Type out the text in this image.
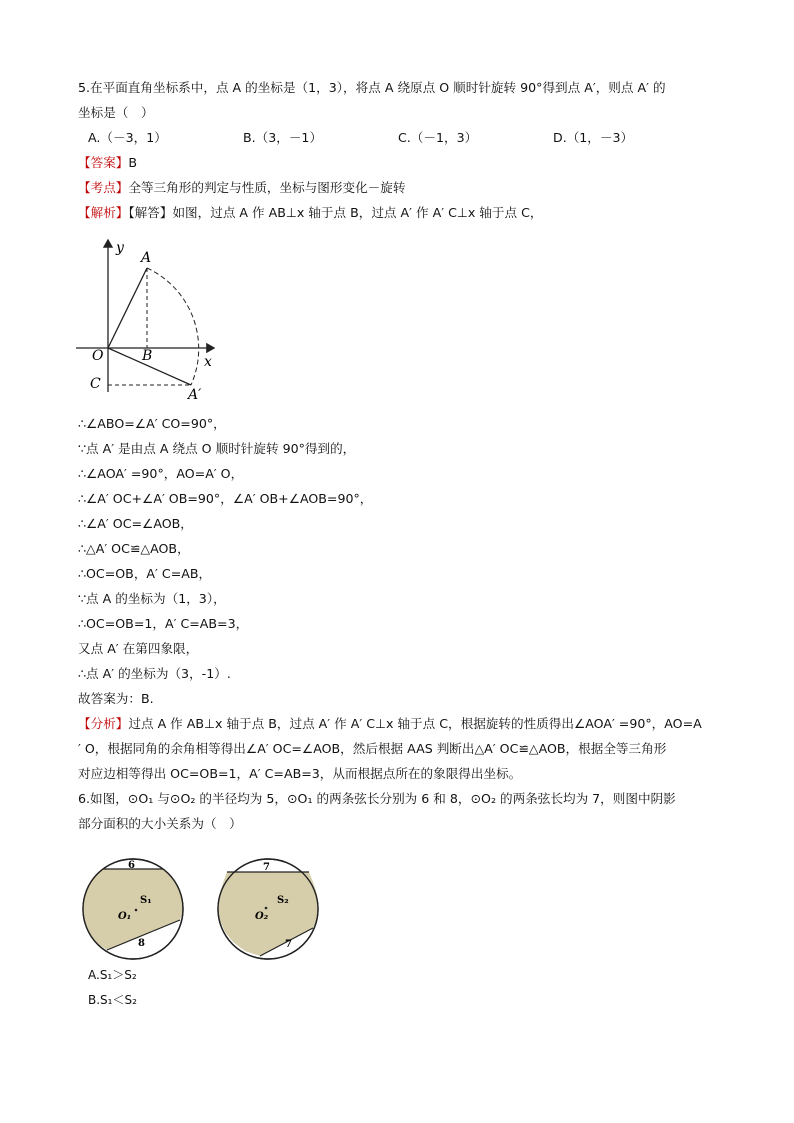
5.在平面直角坐标系中，点 A 的坐标是（1，3），将点 A 绕原点 O 顺时针旋转 90°得到点 A′，则点 A′ 的
坐标是（　）
A.（－3，1）	B.（3，－1）	C.（－1，3）	D.（1，－3）
【答案】B
【考点】全等三角形的判定与性质，坐标与图形变化－旋转
【解析】【解答】如图，过点 A 作 AB⊥x 轴于点 B，过点 A′ 作 A′ C⊥x 轴于点 C，
y
A
O	B	x
C
A′
∴∠ABO=∠A′ CO=90°，
∵点 A′ 是由点 A 绕点 O 顺时针旋转 90°得到的，
∴∠AOA′ =90°，AO=A′ O，
∴∠A′ OC+∠A′ OB=90°，∠A′ OB+∠AOB=90°，
∴∠A′ OC=∠AOB，
∴△A′ OC≌△AOB，
∴OC=OB，A′ C=AB，
∵点 A 的坐标为（1，3），
∴OC=OB=1，A′ C=AB=3，
又点 A′ 在第四象限，
∴点 A′ 的坐标为（3，-1）.
故答案为：B.
【分析】过点 A 作 AB⊥x 轴于点 B，过点 A′ 作 A′ C⊥x 轴于点 C，根据旋转的性质得出∠AOA′ =90°，AO=A
′ O，根据同角的余角相等得出∠A′ OC=∠AOB，然后根据 AAS 判断出△A′ OC≌△AOB，根据全等三角形
对应边相等得出 OC=OB=1，A′ C=AB=3，从而根据点所在的象限得出坐标。
6.如图，⊙O₁ 与⊙O₂ 的半径均为 5，⊙O₁ 的两条弦长分别为 6 和 8，⊙O₂ 的两条弦长均为 7，则图中阴影
部分面积的大小关系为（　）
6
S₁
O₁
8
7
S₂
O₂
7
A.S₁＞S₂
B.S₁＜S₂
